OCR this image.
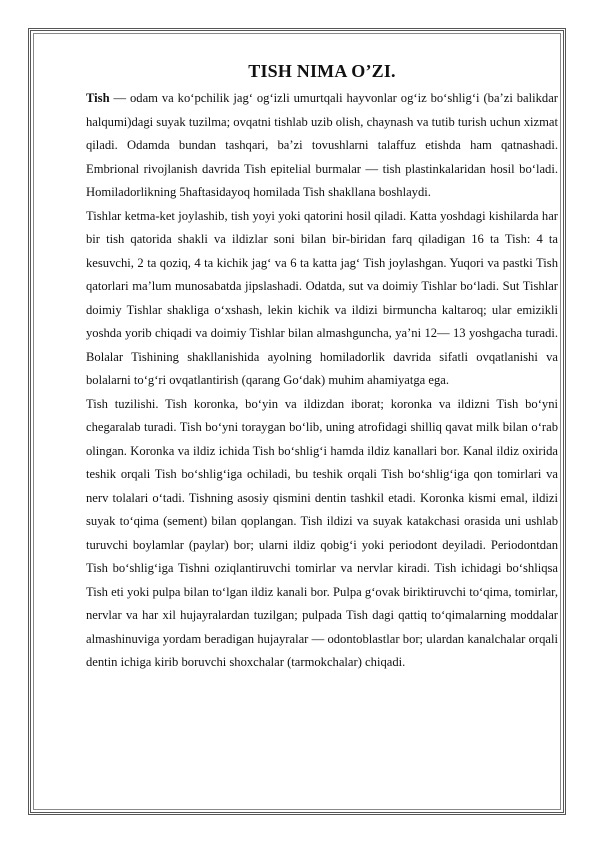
TISH NIMA O’ZI.

Tish — odam va ko‘pchilik jag‘ og‘izli umurtqali hayvonlar og‘iz bo‘shlig‘i (ba’zi balikdar halqumi)dagi suyak tuzilma; ovqatni tishlab uzib olish, chaynash va tutib turish uchun xizmat qiladi. Odamda bundan tashqari, ba’zi tovushlarni talaffuz etishda ham qatnashadi. Embrional rivojlanish davrida Tish epitelial burmalar — tish plastinkalaridan hosil bo‘ladi. Homiladorlikning 5haftasidayoq homilada Tish shakllana boshlaydi.

Tishlar ketma-ket joylashib, tish yoyi yoki qatorini hosil qiladi. Katta yoshdagi kishilarda har bir tish qatorida shakli va ildizlar soni bilan bir-biridan farq qiladigan 16 ta Tish: 4 ta kesuvchi, 2 ta qoziq, 4 ta kichik jag‘ va 6 ta katta jag‘ Tish joylashgan. Yuqori va pastki Tish qatorlari ma’lum munosabatda jipslashadi. Odatda, sut va doimiy Tishlar bo‘ladi. Sut Tishlar doimiy Tishlar shakliga o‘xshash, lekin kichik va ildizi birmuncha kaltaroq; ular emizikli yoshda yorib chiqadi va doimiy Tishlar bilan almashguncha, ya’ni 12— 13 yoshgacha turadi. Bolalar Tishining shakllanishida ayolning homiladorlik davrida sifatli ovqatlanishi va bolalarni to‘g‘ri ovqatlantirish (qarang Go‘dak) muhim ahamiyatga ega.

Tish tuzilishi. Tish koronka, bo‘yin va ildizdan iborat; koronka va ildizni Tish bo‘yni chegaralab turadi. Tish bo‘yni toraygan bo‘lib, uning atrofidagi shilliq qavat milk bilan o‘rab olingan. Koronka va ildiz ichida Tish bo‘shlig‘i hamda ildiz kanallari bor. Kanal ildiz oxirida teshik orqali Tish bo‘shlig‘iga ochiladi, bu teshik orqali Tish bo‘shlig‘iga qon tomirlari va nerv tolalari o‘tadi. Tishning asosiy qismini dentin tashkil etadi. Koronka kismi emal, ildizi suyak to‘qima (sement) bilan qoplangan. Tish ildizi va suyak katakchasi orasida uni ushlab turuvchi boylamlar (paylar) bor; ularni ildiz qobig‘i yoki periodont deyiladi. Periodontdan Tish bo‘shlig‘iga Tishni oziqlantiruvchi tomirlar va nervlar kiradi. Tish ichidagi bo‘shliqsa Tish eti yoki pulpa bilan to‘lgan ildiz kanali bor. Pulpa g‘ovak biriktiruvchi to‘qima, tomirlar, nervlar va har xil hujayralardan tuzilgan; pulpada Tish dagi qattiq to‘qimalarning moddalar almashinuviga yordam beradigan hujayralar — odontoblastlar bor; ulardan kanalchalar orqali dentin ichiga kirib boruvchi shoxchalar (tarmokchalar) chiqadi.
